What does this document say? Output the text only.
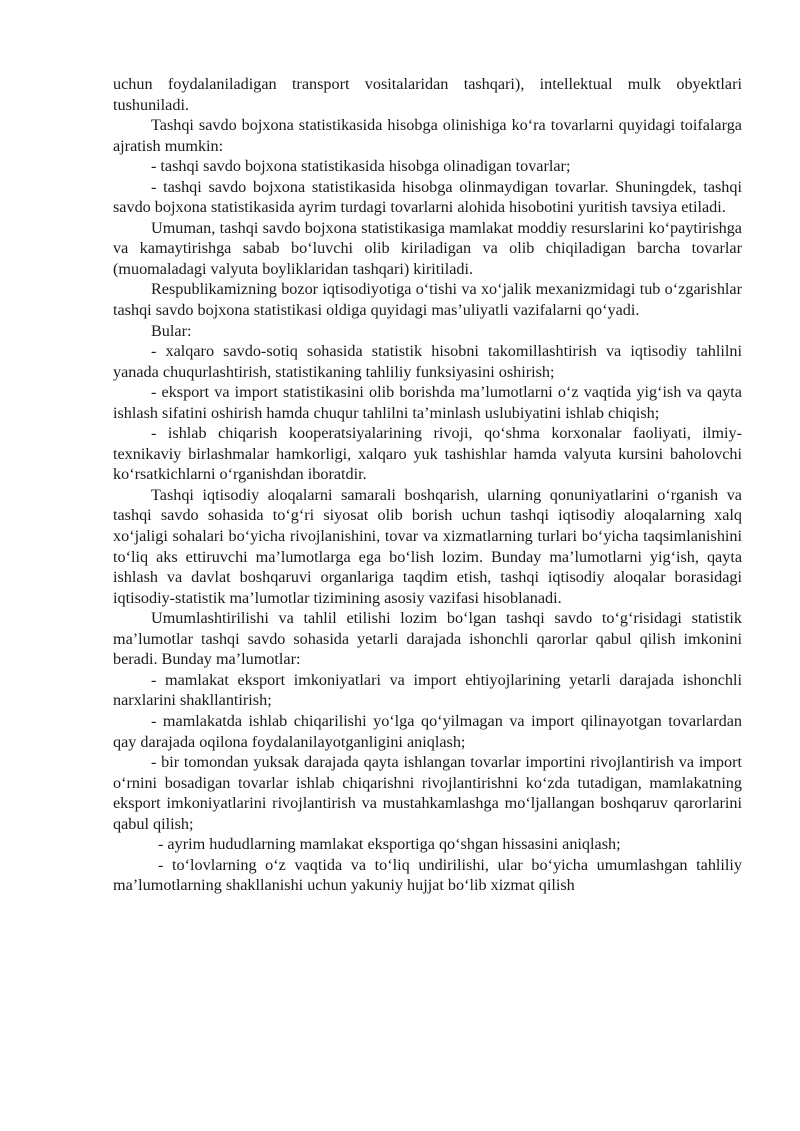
uchun foydalaniladigan transport vositalaridan tashqari), intellektual mulk obyektlari tushuniladi.

Tashqi savdo bojxona statistikasida hisobga olinishiga ko‘ra tovarlarni quyidagi toifalarga ajratish mumkin:

- tashqi savdo bojxona statistikasida hisobga olinadigan tovarlar;

- tashqi savdo bojxona statistikasida hisobga olinmaydigan tovarlar. Shuningdek, tashqi savdo bojxona statistikasida ayrim turdagi tovarlarni alohida hisobotini yuritish tavsiya etiladi.

Umuman, tashqi savdo bojxona statistikasiga mamlakat moddiy resurslarini ko‘paytirishga va kamaytirishga sabab bo‘luvchi olib kiriladigan va olib chiqiladigan barcha tovarlar (muomaladagi valyuta boyliklaridan tashqari) kiritiladi.

Respublikamizning bozor iqtisodiyotiga o‘tishi va xo‘jalik mexanizmidagi tub o‘zgarishlar tashqi savdo bojxona statistikasi oldiga quyidagi mas’uliyatli vazifalarni qo‘yadi.

Bular:

- xalqaro savdo-sotiq sohasida statistik hisobni takomillashtirish va iqtisodiy tahlilni yanada chuqurlashtirish, statistikaning tahliliy funksiyasini oshirish;

- eksport va import statistikasini olib borishda ma’lumotlarni o‘z vaqtida yig‘ish va qayta ishlash sifatini oshirish hamda chuqur tahlilni ta’minlash uslubiyatini ishlab chiqish;

- ishlab chiqarish kooperatsiyalarining rivoji, qo‘shma korxonalar faoliyati, ilmiy-texnikaviy birlashmalar hamkorligi, xalqaro yuk tashishlar hamda valyuta kursini baholovchi ko‘rsatkichlarni o‘rganishdan iboratdir.

Tashqi iqtisodiy aloqalarni samarali boshqarish, ularning qonuniyatlarini o‘rganish va tashqi savdo sohasida to‘g‘ri siyosat olib borish uchun tashqi iqtisodiy aloqalarning xalq xo‘jaligi sohalari bo‘yicha rivojlanishini, tovar va xizmatlarning turlari bo‘yicha taqsimlanishini to‘liq aks ettiruvchi ma’lumotlarga ega bo‘lish lozim. Bunday ma’lumotlarni yig‘ish, qayta ishlash va davlat boshqaruvi organlariga taqdim etish, tashqi iqtisodiy aloqalar borasidagi iqtisodiy-statistik ma’lumotlar tizimining asosiy vazifasi hisoblanadi.

Umumlashtirilishi va tahlil etilishi lozim bo‘lgan tashqi savdo to‘g‘risidagi statistik ma’lumotlar tashqi savdo sohasida yetarli darajada ishonchli qarorlar qabul qilish imkonini beradi. Bunday ma’lumotlar:

- mamlakat eksport imkoniyatlari va import ehtiyojlarining yetarli darajada ishonchli narxlarini shakllantirish;

- mamlakatda ishlab chiqarilishi yo‘lga qo‘yilmagan va import qilinayotgan tovarlardan qay darajada oqilona foydalanilayotganligini aniqlash;

- bir tomondan yuksak darajada qayta ishlangan tovarlar importini rivojlantirish va import o‘rnini bosadigan tovarlar ishlab chiqarishni rivojlantirishni ko‘zda tutadigan, mamlakatning eksport imkoniyatlarini rivojlantirish va mustahkamlashga mo‘ljallangan boshqaruv qarorlarini qabul qilish;

- ayrim hududlarning mamlakat eksportiga qo‘shgan hissasini aniqlash;

- to‘lovlarning o‘z vaqtida va to‘liq undirilishi, ular bo‘yicha umumlashgan tahliliy ma’lumotlarning shakllanishi uchun yakuniy hujjat bo‘lib xizmat qilish
